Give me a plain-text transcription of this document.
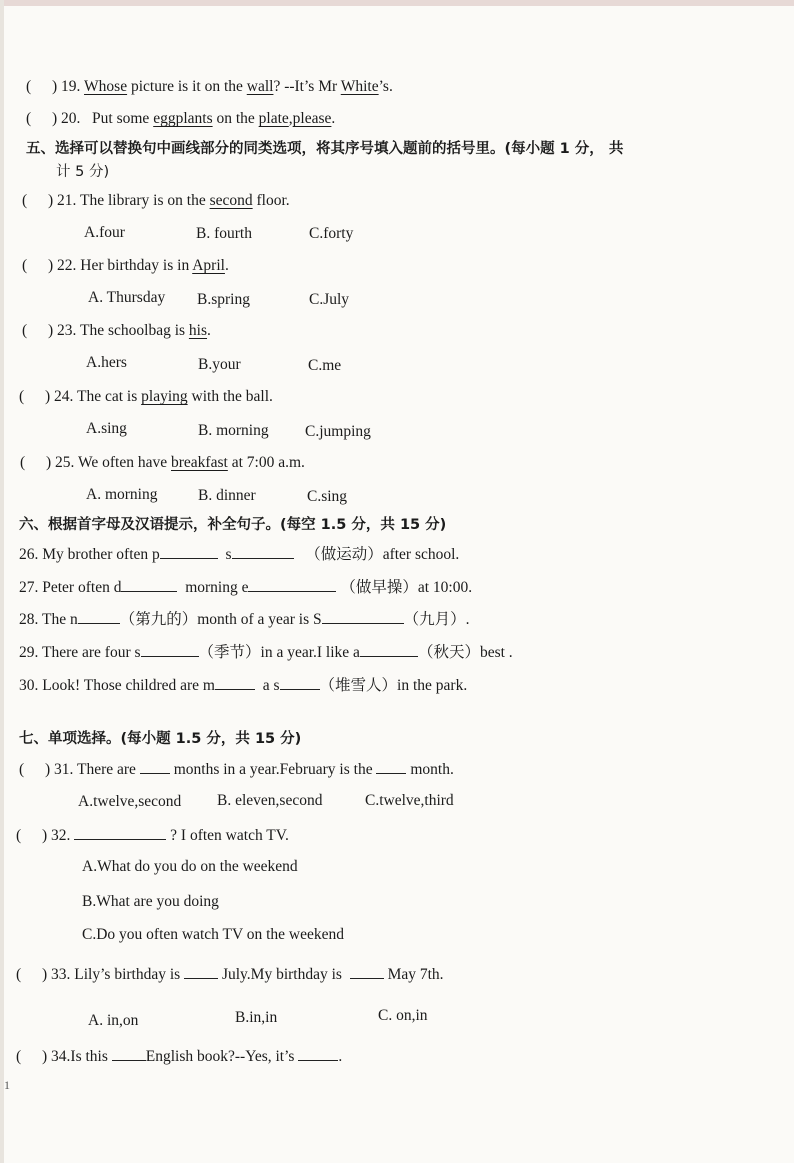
( ) 19. Whose picture is it on the wall? --It’s Mr White’s.
( ) 20. Put some eggplants on the plate,please.
五、选择可以替换句中画线部分的同类选项，将其序号填入题前的括号里。(每小题 1 分， 共
计 5 分)
( ) 21. The library is on the second floor.
A.four	B. fourth	C.forty
( ) 22. Her birthday is in April.
A. Thursday B.spring	C.July
( ) 23. The schoolbag is his.
A.hers	B.your	C.me
( ) 24. The cat is playing with the ball.
A.sing	B. morning C.jumping
( ) 25. We often have breakfast at 7:00 a.m.
A. morning	B. dinner	C.sing
六、根据首字母及汉语提示，补全句子。(每空 1.5 分，共 15 分)
26. My brother often p	s	（做运动）after school.
27. Peter often d	morning e	（做早操）at 10:00.
28. The n	（第九的）month of a year is S	（九月）.
29. There are four s	（季节）in a year.I like a	（秋天）best .
30. Look! Those childred are m	a s	（堆雪人）in the park.
七、单项选择。(每小题 1.5 分，共 15 分)
( ) 31. There are  months in a year.February is the  month.
A.twelve,second B. eleven,second	C.twelve,third
( ) 32.	? I often watch TV.
A.What do you do on the weekend
B.What are you doing
C.Do you often watch TV on the weekend
( ) 33. Lily’s birthday is  July.My birthday is   May 7th.
A. in,on	B.in,in	C. on,in
( ) 34.Is this English book?--Yes, it’s	.
1
